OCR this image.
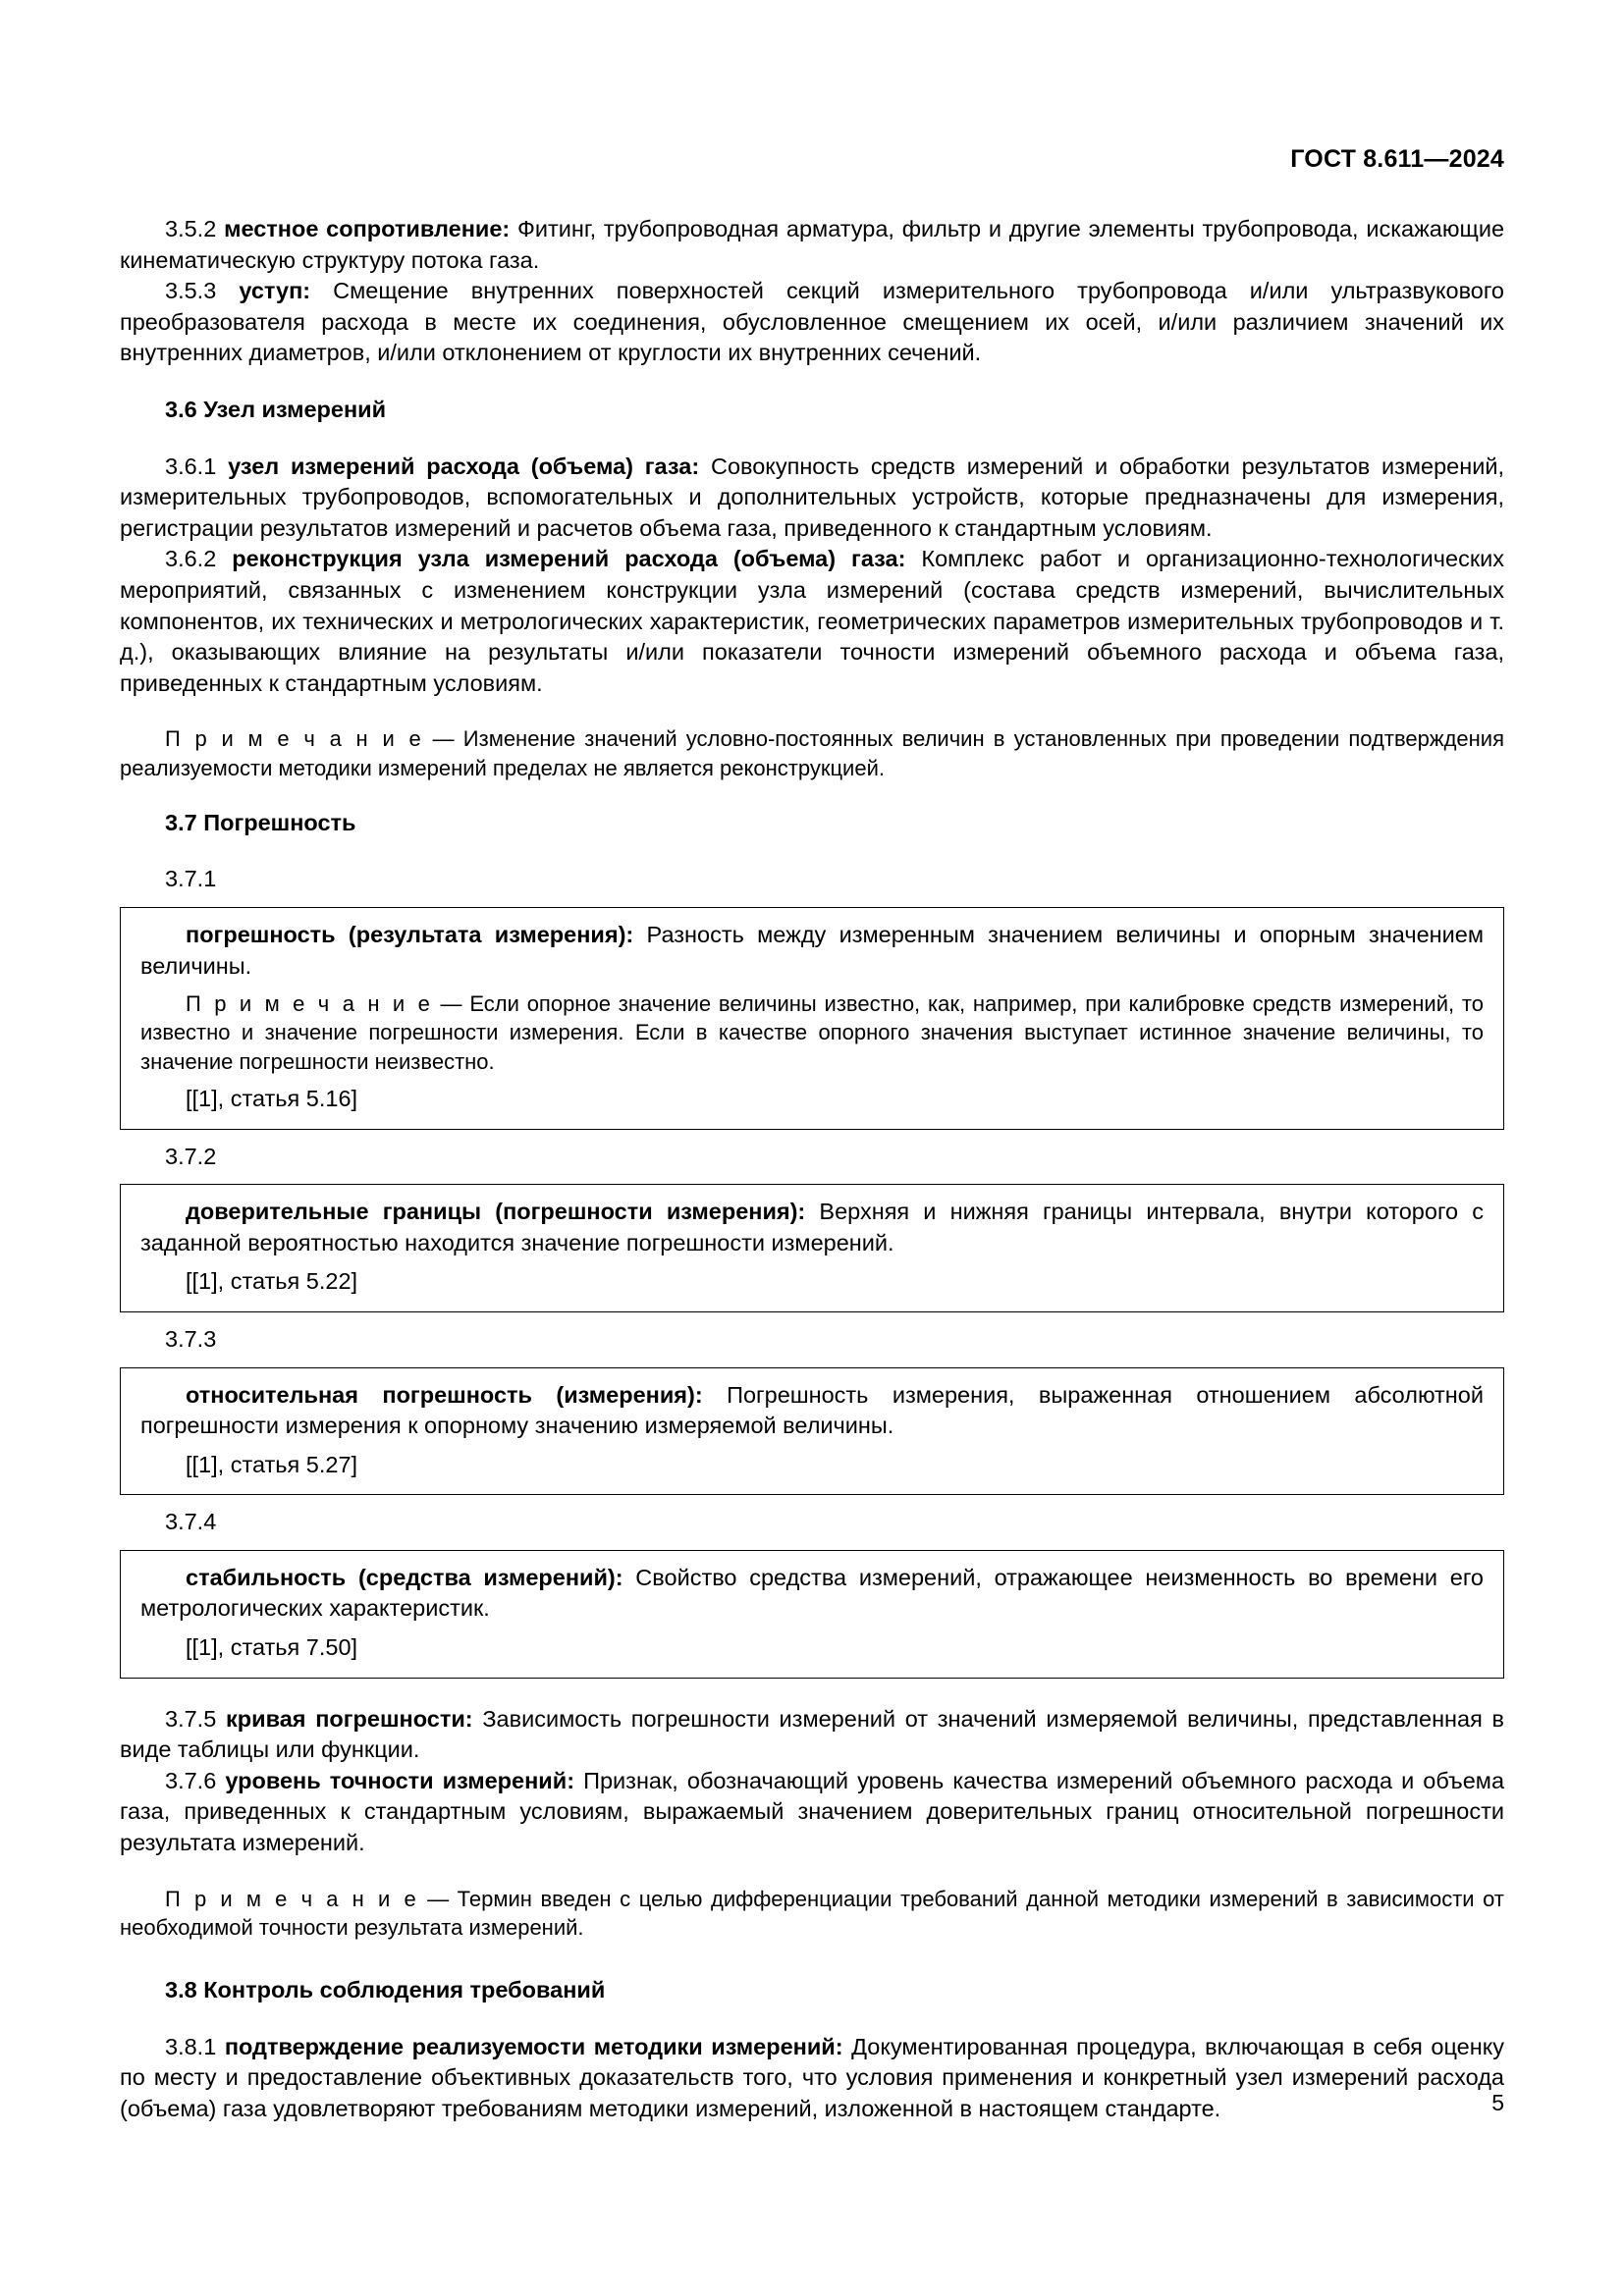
ГОСТ 8.611—2024

3.5.2 местное сопротивление: Фитинг, трубопроводная арматура, фильтр и другие элементы трубопровода, искажающие кинематическую структуру потока газа.

3.5.3 уступ: Смещение внутренних поверхностей секций измерительного трубопровода и/или ультразвукового преобразователя расхода в месте их соединения, обусловленное смещением их осей, и/или различием значений их внутренних диаметров, и/или отклонением от круглости их внутренних сечений.

3.6 Узел измерений

3.6.1 узел измерений расхода (объема) газа: Совокупность средств измерений и обработки результатов измерений, измерительных трубопроводов, вспомогательных и дополнительных устройств, которые предназначены для измерения, регистрации результатов измерений и расчетов объема газа, приведенного к стандартным условиям.

3.6.2 реконструкция узла измерений расхода (объема) газа: Комплекс работ и организационно-технологических мероприятий, связанных с изменением конструкции узла измерений (состава средств измерений, вычислительных компонентов, их технических и метрологических характеристик, геометрических параметров измерительных трубопроводов и т. д.), оказывающих влияние на результаты и/или показатели точности измерений объемного расхода и объема газа, приведенных к стандартным условиям.

П р и м е ч а н и е — Изменение значений условно-постоянных величин в установленных при проведении подтверждения реализуемости методики измерений пределах не является реконструкцией.

3.7 Погрешность

3.7.1

погрешность (результата измерения): Разность между измеренным значением величины и опорным значением величины.

П р и м е ч а н и е — Если опорное значение величины известно, как, например, при калибровке средств измерений, то известно и значение погрешности измерения. Если в качестве опорного значения выступает истинное значение величины, то значение погрешности неизвестно.

[[1], статья 5.16]

3.7.2

доверительные границы (погрешности измерения): Верхняя и нижняя границы интервала, внутри которого с заданной вероятностью находится значение погрешности измерений.

[[1], статья 5.22]

3.7.3

относительная погрешность (измерения): Погрешность измерения, выраженная отношением абсолютной погрешности измерения к опорному значению измеряемой величины.

[[1], статья 5.27]

3.7.4

стабильность (средства измерений): Свойство средства измерений, отражающее неизменность во времени его метрологических характеристик.

[[1], статья 7.50]

3.7.5 кривая погрешности: Зависимость погрешности измерений от значений измеряемой величины, представленная в виде таблицы или функции.

3.7.6 уровень точности измерений: Признак, обозначающий уровень качества измерений объемного расхода и объема газа, приведенных к стандартным условиям, выражаемый значением доверительных границ относительной погрешности результата измерений.

П р и м е ч а н и е — Термин введен с целью дифференциации требований данной методики измерений в зависимости от необходимой точности результата измерений.

3.8 Контроль соблюдения требований

3.8.1 подтверждение реализуемости методики измерений: Документированная процедура, включающая в себя оценку по месту и предоставление объективных доказательств того, что условия применения и конкретный узел измерений расхода (объема) газа удовлетворяют требованиям методики измерений, изложенной в настоящем стандарте.	5
